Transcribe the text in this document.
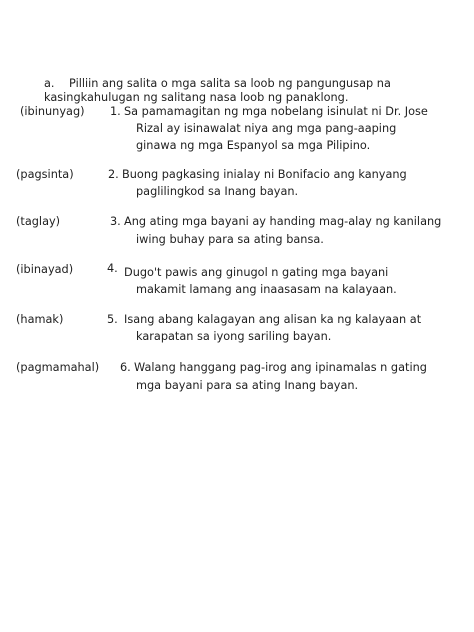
a. Pilliin ang salita o mga salita sa loob ng pangungusap na
kasingkahulugan ng salitang nasa loob ng panaklong.
(ibinunyag) 1. Sa pamamagitan ng mga nobelang isinulat ni Dr. Jose
Rizal ay isinawalat niya ang mga pang-aaping
ginawa ng mga Espanyol sa mga Pilipino.
(pagsinta)	2. Buong pagkasing inialay ni Bonifacio ang kanyang
paglilingkod sa Inang bayan.
(taglay)	3. Ang ating mga bayani ay handing mag-alay ng kanilang
iwing buhay para sa ating bansa.
(ibinayad)	4. Dugo't pawis ang ginugol n gating mga bayani
makamit lamang ang inaasasam na kalayaan.
(hamak)	5. Isang abang kalagayan ang alisan ka ng kalayaan at
karapatan sa iyong sariling bayan.
(pagmamahal) 6. Walang hanggang pag-irog ang ipinamalas n gating
mga bayani para sa ating Inang bayan.
